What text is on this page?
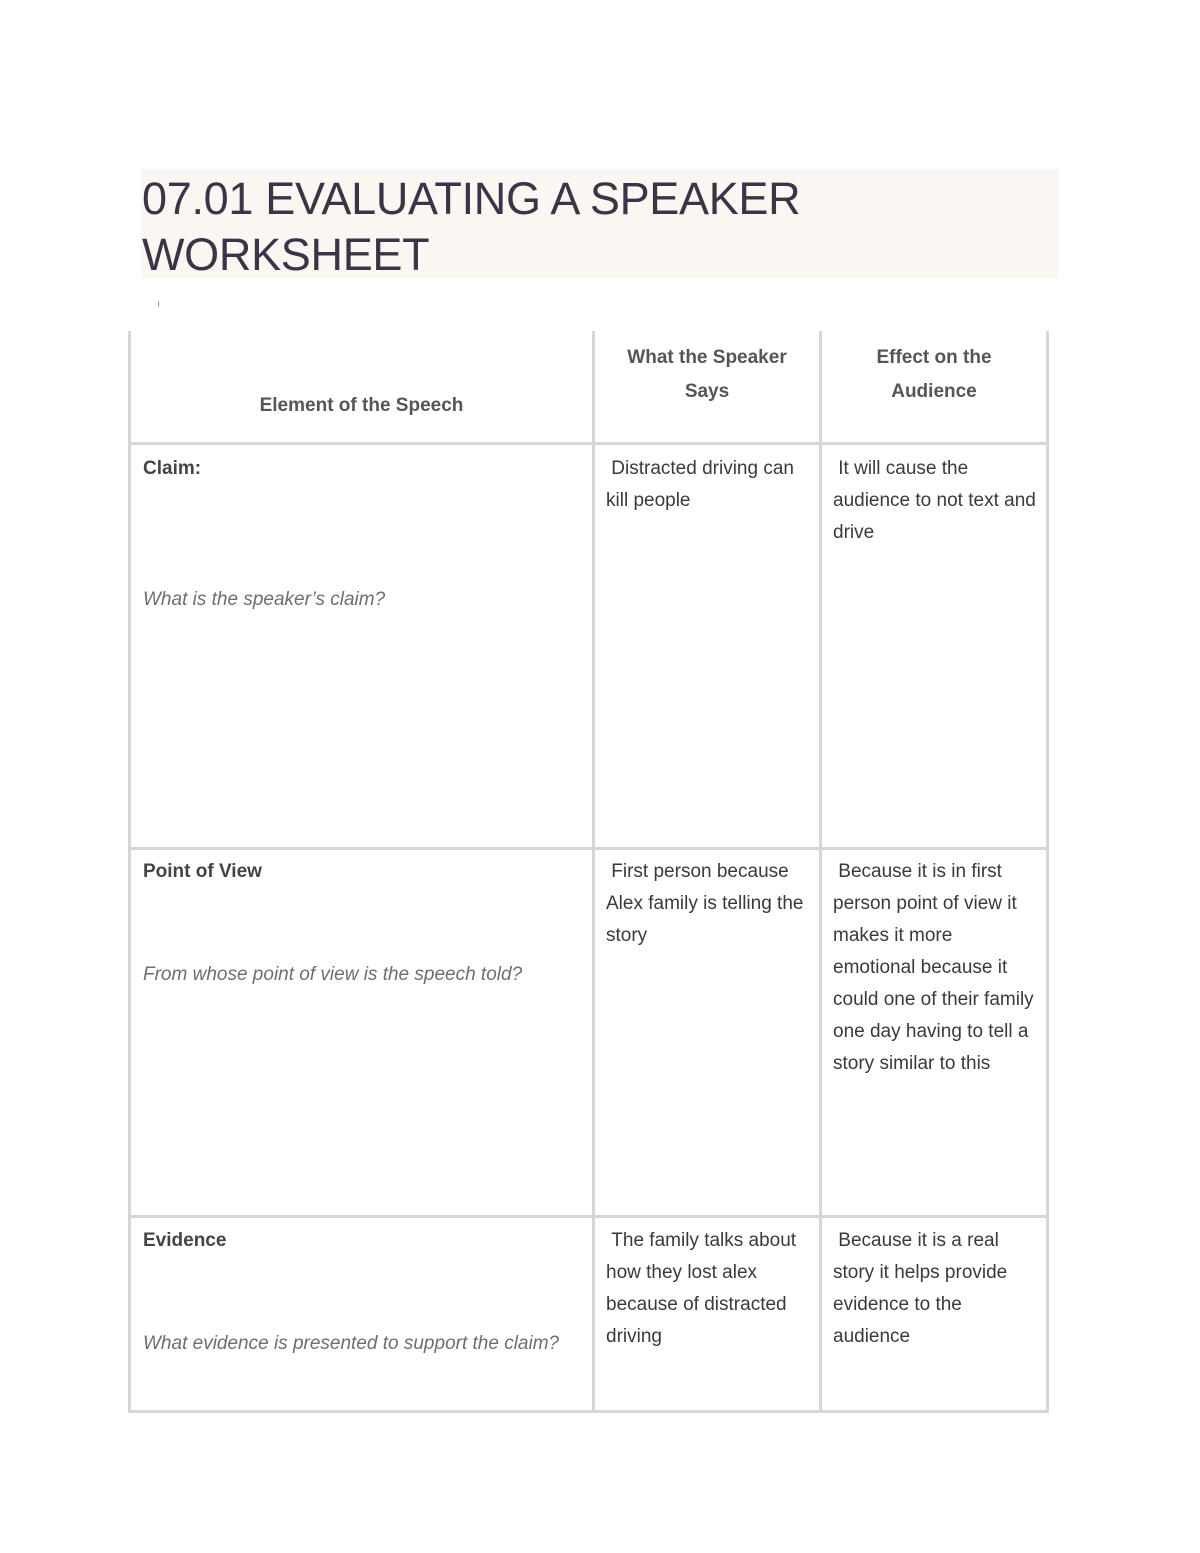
07.01 EVALUATING A SPEAKER WORKSHEET
Element of the Speech
What the Speaker Says
Effect on the Audience
Claim:
What is the speaker’s claim?
Distracted driving can kill people
It will cause the audience to not text and drive
Point of View
From whose point of view is the speech told?
First person because Alex family is telling the story
Because it is in first person point of view it makes it more emotional because it could one of their family one day having to tell a story similar to this
Evidence
What evidence is presented to support the claim?
The family talks about how they lost alex because of distracted driving
Because it is a real story it helps provide evidence to the audience
